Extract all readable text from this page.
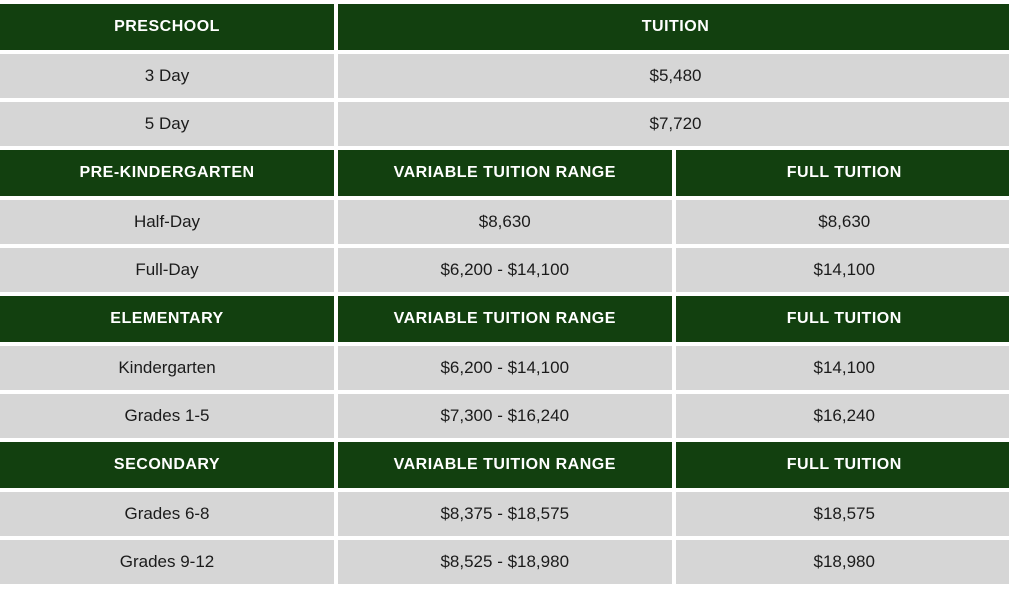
PRESCHOOL	TUITION	
3 Day	$5,480	
5 Day	$7,720	
PRE-KINDERGARTEN	VARIABLE TUITION RANGE	FULL TUITION
Half-Day	$8,630	$8,630
Full-Day	$6,200 - $14,100	$14,100
ELEMENTARY	VARIABLE TUITION RANGE	FULL TUITION
Kindergarten	$6,200 - $14,100	$14,100
Grades 1-5	$7,300 - $16,240	$16,240
SECONDARY	VARIABLE TUITION RANGE	FULL TUITION
Grades 6-8	$8,375 - $18,575	$18,575
Grades 9-12	$8,525 - $18,980	$18,980
